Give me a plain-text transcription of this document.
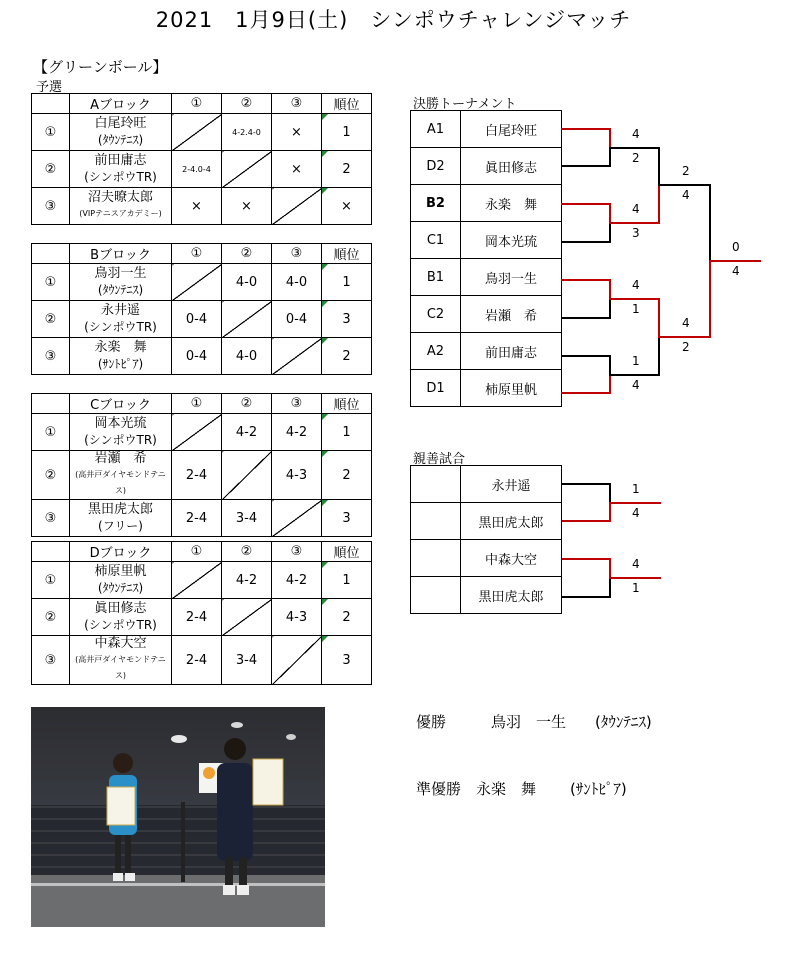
2021　1月9日(土)　シンポウチャレンジマッチ
【グリーンボール】
予選
	Aブロック	①	②	③	順位
①	白尾玲旺
(ﾀｳﾝﾃﾆｽ)		4-2.4-0	×	1
②	前田庸志
(シンポウTR)	2-4.0-4		×	2
③	沼夫暸太郎
(VIPテニスアカデミー)	×	×		×
	Bブロック	①	②	③	順位
①	鳥羽一生
(ﾀｳﾝﾃﾆｽ)		4-0	4-0	1
②	永井遥
(シンポウTR)	0-4		0-4	3
③	永楽　舞
(ｻﾝﾄﾋﾟｱ)	0-4	4-0		2
	Cブロック	①	②	③	順位
①	岡本光琉
(シンポウTR)		4-2	4-2	1
②	岩瀬　希
(高井戸ダイヤモンドテニス)	2-4		4-3	2
③	黒田虎太郎
(フリー)	2-4	3-4		3
	Dブロック	①	②	③	順位
①	柿原里帆
(ﾀｳﾝﾃﾆｽ)		4-2	4-2	1
②	眞田修志
(シンポウTR)	2-4		4-3	2
③	中森大空
(高井戸ダイヤモンドテニス)	2-4	3-4		3
決勝トーナメント
A1	白尾玲旺
D2	眞田修志
B2	永楽　舞
C1	岡本光琉
B1	鳥羽一生
C2	岩瀬　希
A2	前田庸志
D1	柿原里帆
4
2
4
3
4
1
1
4
2
4
4
2
0
4
1
4
4
1
親善試合
	永井遥
	黒田虎太郎
	中森大空
	黒田虎太郎
優勝	鳥羽　一生 (ﾀｳﾝﾃﾆｽ)
準優勝 永楽　舞 (ｻﾝﾄﾋﾟｱ)
